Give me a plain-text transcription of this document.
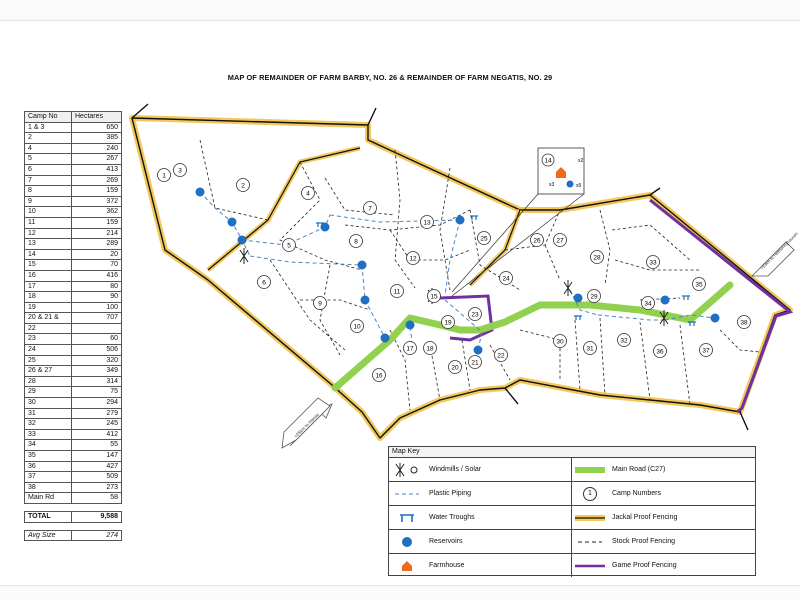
MAP OF REMAINDER OF FARM BARBY, NO. 26 & REMAINDER OF FARM NEGATIS, NO. 29
Camp No	Hectares
1 & 3	650
2	385
4	240
5	267
6	413
7	269
8	159
9	372
10	362
11	159
12	214
13	289
14	20
15	70
16	416
17	80
18	90
19	100
20 & 21 &	707
22	
23	60
24	506
25	320
26 & 27	349
28	314
29	75
30	294
31	279
32	245
33	412
34	55
35	147
36	427
37	509
38	273
Main Rd	58

TOTAL	9,588

Avg Size	274
14	x2
x3	x5
≈25km to Hanau
≈33km to Helmeringhausen
1
3
2
4
5
6
7
8
9
10
11
12
13
15
16
17 18
19
20
21
22
23
24
25	26 27
28
29
30
31
32
33
34
35
36	37
38
Map Key
Windmills / Solar	Main Road (C27)
Plastic Piping	1	Camp Numbers
Water Troughs	Jackal Proof Fencing
Reservoirs	Stock Proof Fencing
Farmhouse	Game Proof Fencing
